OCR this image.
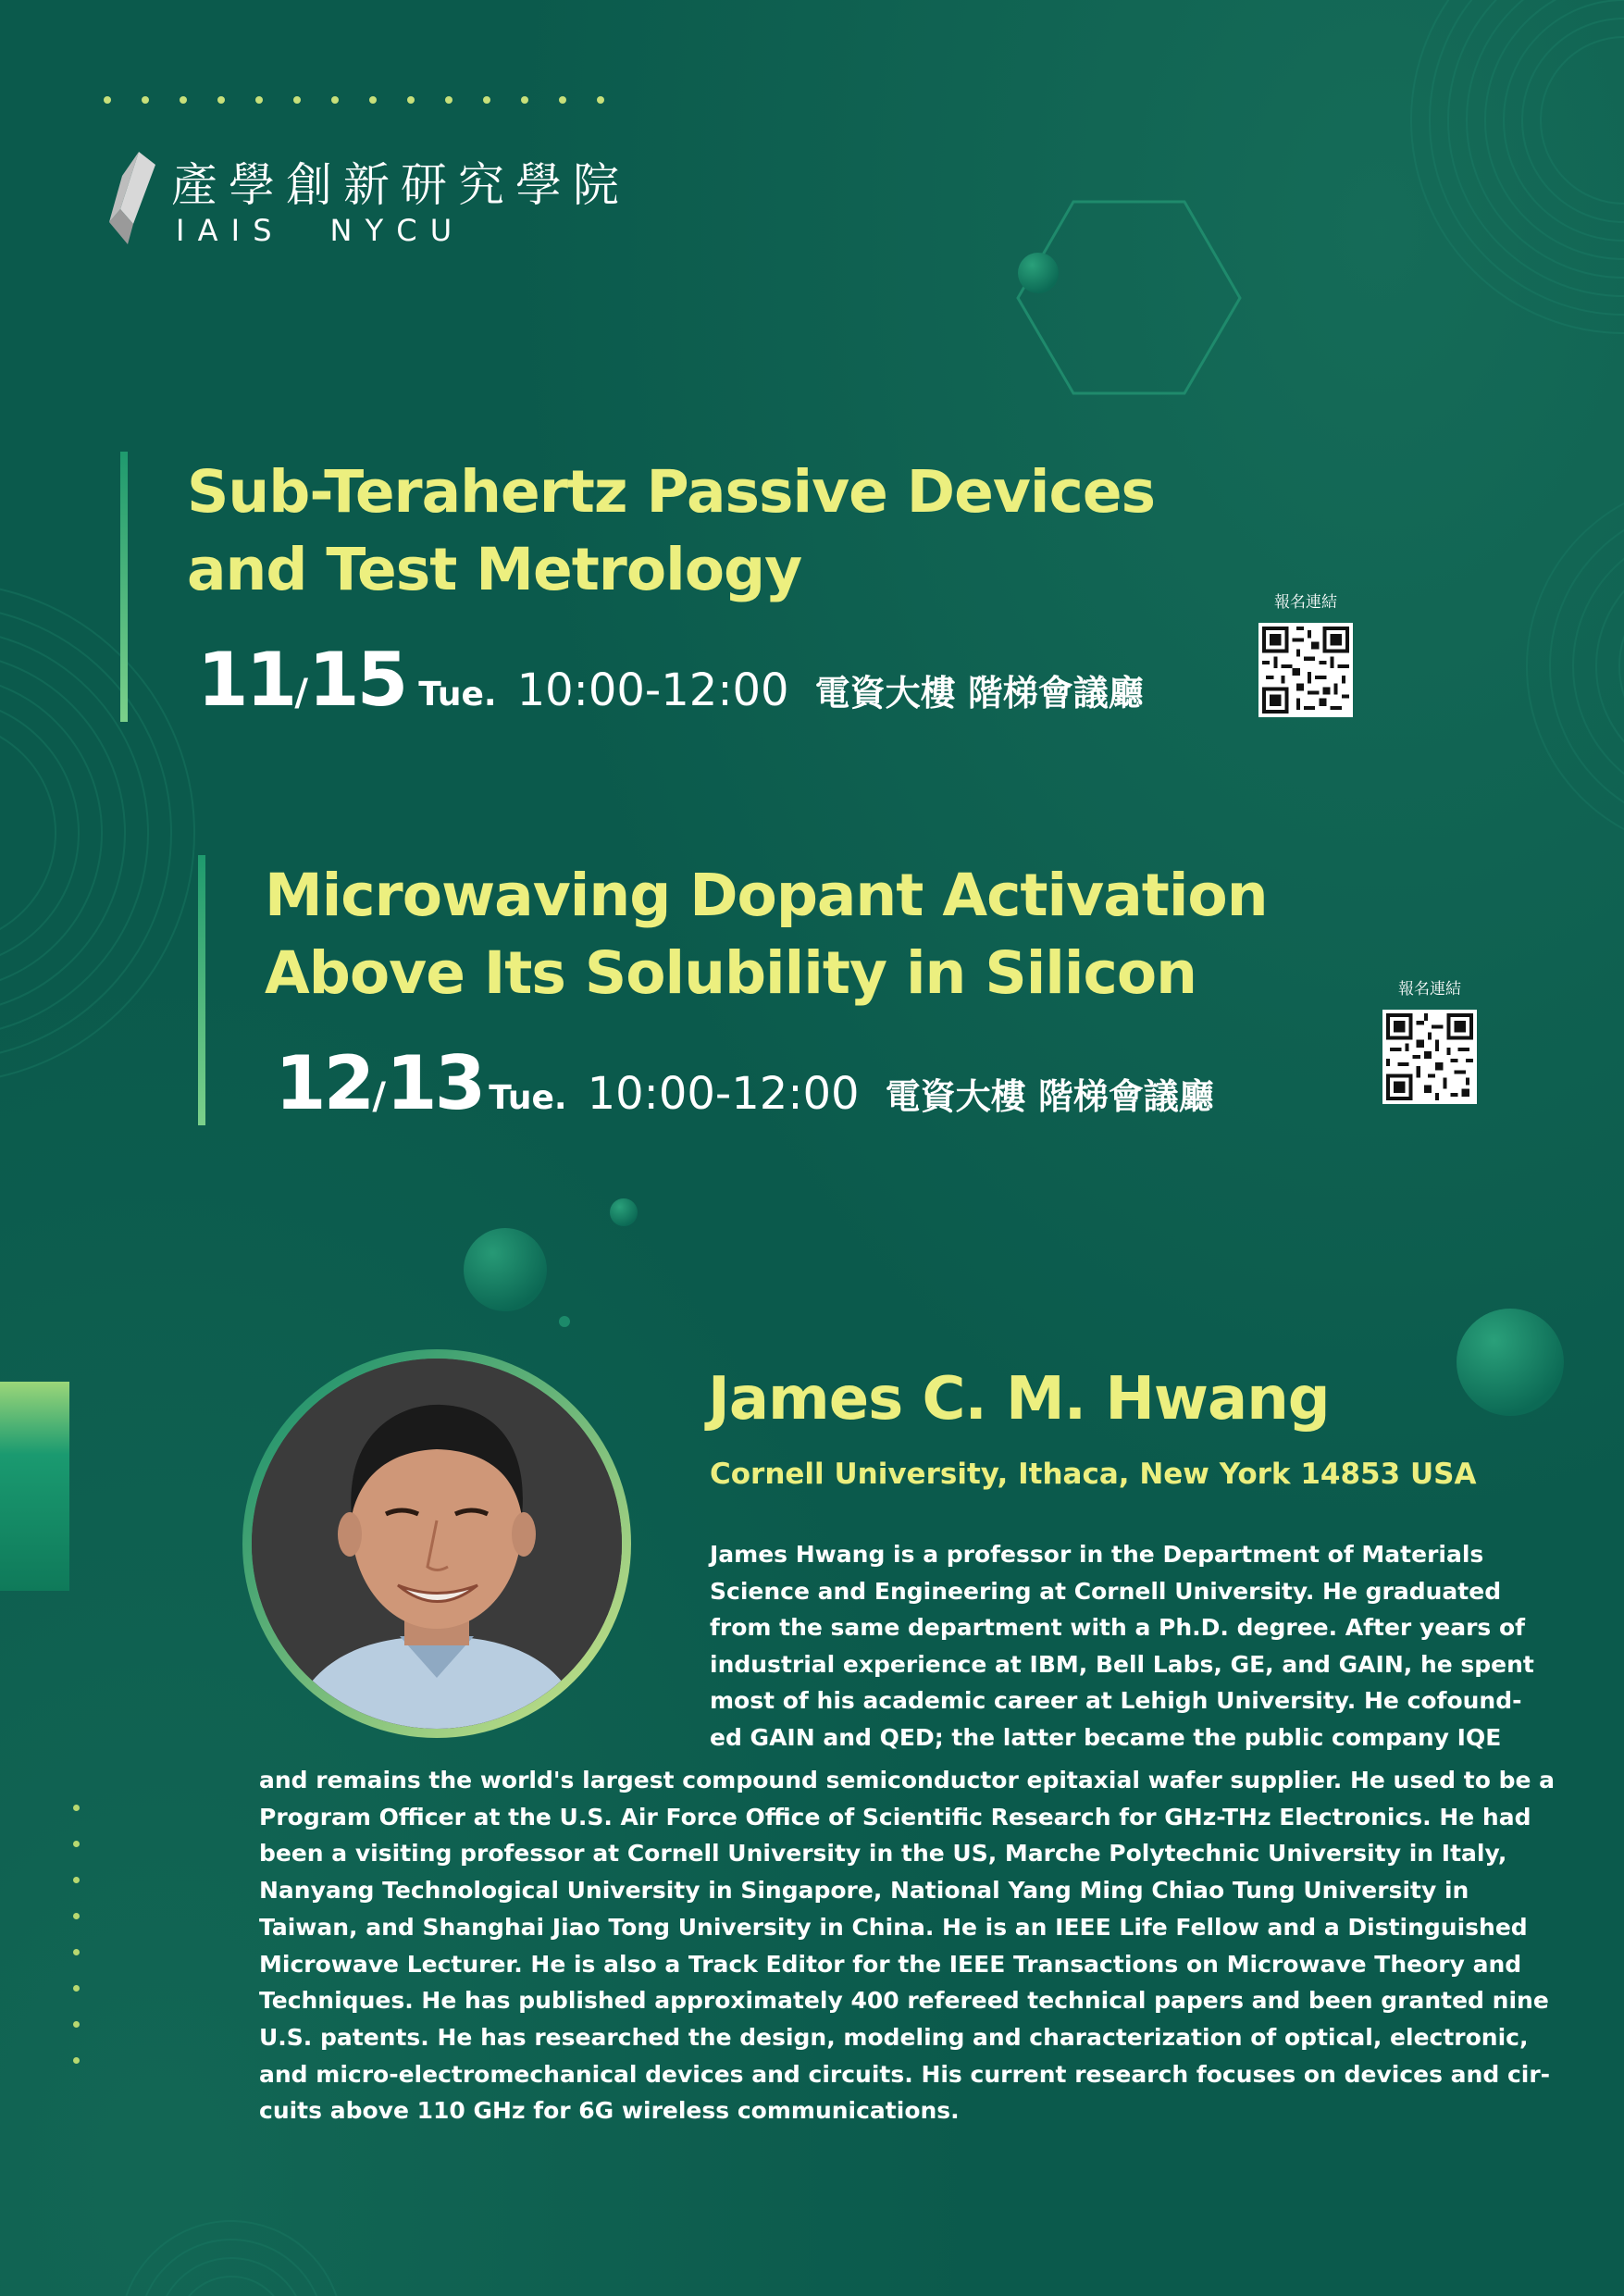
產學創新研究學院
I A I S     N Y C U
Sub-Terahertz Passive Devices
and Test Metrology
11/15 Tue. 10:00-12:00 電資大樓 階梯會議廳
報名連結
Microwaving Dopant Activation
Above Its Solubility in Silicon
12/13 Tue. 10:00-12:00 電資大樓 階梯會議廳
報名連結
James C. M. Hwang
Cornell University, Ithaca, New York 14853 USA
James Hwang is a professor in the Department of Materials
Science and Engineering at Cornell University. He graduated
from the same department with a Ph.D. degree. After years of
industrial experience at IBM, Bell Labs, GE, and GAIN, he spent
most of his academic career at Lehigh University. He cofound-
ed GAIN and QED; the latter became the public company IQE
and remains the world's largest compound semiconductor epitaxial wafer supplier. He used to be a
Program Officer at the U.S. Air Force Office of Scientific Research for GHz-THz Electronics. He had
been a visiting professor at Cornell University in the US, Marche Polytechnic University in Italy,
Nanyang Technological University in Singapore, National Yang Ming Chiao Tung University in
Taiwan, and Shanghai Jiao Tong University in China. He is an IEEE Life Fellow and a Distinguished
Microwave Lecturer. He is also a Track Editor for the IEEE Transactions on Microwave Theory and
Techniques. He has published approximately 400 refereed technical papers and been granted nine
U.S. patents. He has researched the design, modeling and characterization of optical, electronic,
and micro-electromechanical devices and circuits. His current research focuses on devices and cir-
cuits above 110 GHz for 6G wireless communications.
